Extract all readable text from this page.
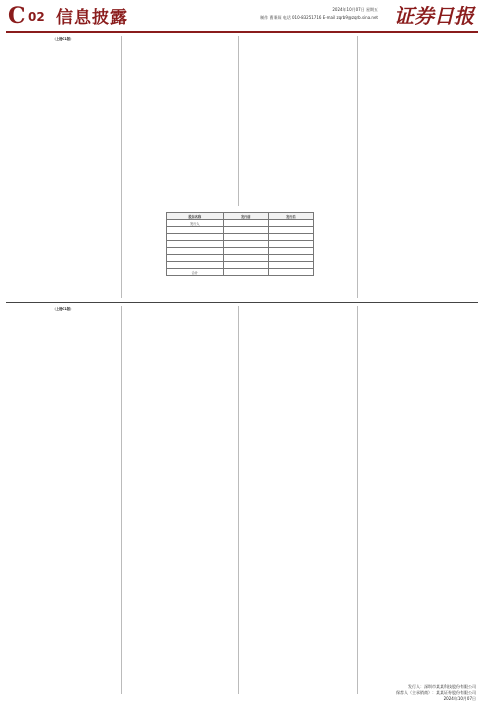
C 02 信息披露	2024年10月07日 星期五
制作 曹秉琛 电话 010-83251716 E-mail zqrb9@zqrb.sina.net 证券日报

（上接C1版）

股东名称	发行前	发行后
发行人		

合计		

（上接C1版）

发行人：深圳市某某科技股份有限公司
保荐人（主承销商）：某某证券股份有限公司
2024年10月07日
